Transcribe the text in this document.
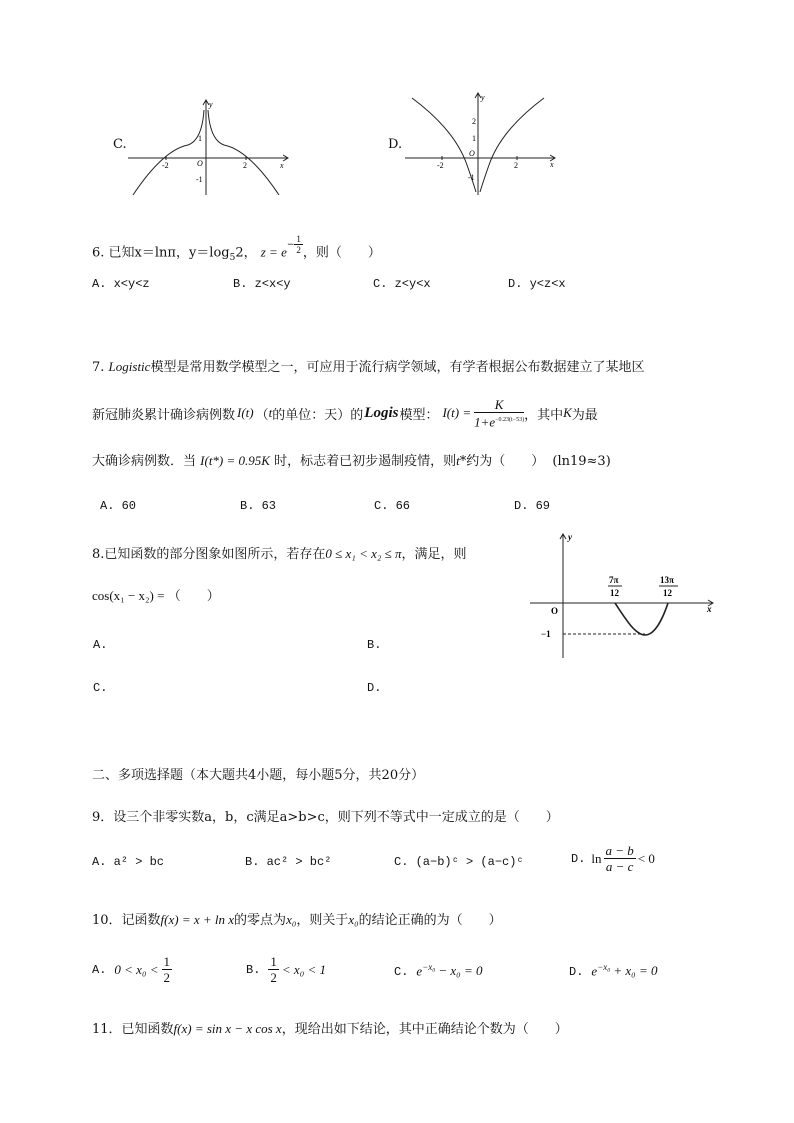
C.
y
x
-2	2
1
-1
O
D.
y
x
-2	2
2
1
-1
O
6. 已知x＝lnπ，$y=\log_52$， $z = e^{- \frac{1}{2}}$ ，则（　　）
A. x<y<z	B. z<x<y	C. z<y<x	D. y<z<x
7. Logistic模型是常用数学模型之一，可应用于流行病学领域，有学者根据公布数据建立了某地区
新冠肺炎累计确诊病例数 I(t) （ t 的单位：天）的 Logis 模型： $I(t) = \frac{K}{1+e^{-0.23(t-53)}}$ ，其中 K 为最
大确诊病例数．当 I(t*) = 0.95K 时，标志着已初步遏制疫情，则t*约为（　　） (ln19≈3)
A. 60	B. 63	C. 66	D. 69
8.已知函数的部分图象如图所示，若存在0 ≤ x₁ < x₂ ≤ π，满足，则
cos(x₁ − x₂) = （　　）
A.	B.
C.	D.
y
x
O
−1
7π
12
13π
12
二、多项选择题（本大题共4小题，每小题5分，共20分）
9．设三个非零实数a，b，c满足a>b>c，则下列不等式中一定成立的是（　　）
A. a² > bc	B. ac² > bc²	C. (a−b)ᶜ > (a−c)ᶜ	D. $\ln \frac{a - b}{a - c} < 0$
10．记函数f(x) = x + ln x的零点为x₀，则关于x₀的结论正确的为（　　）
A. $0 < x_0 < \frac{1}{2}$	B. $\frac{1}{2} < x_0 < 1$	C. $e^{-x_0} - x_0 = 0$	D. $e^{-x_0} + x_0 = 0$
11．已知函数f(x) = sin x − x cos x，现给出如下结论，其中正确结论个数为（　　）
